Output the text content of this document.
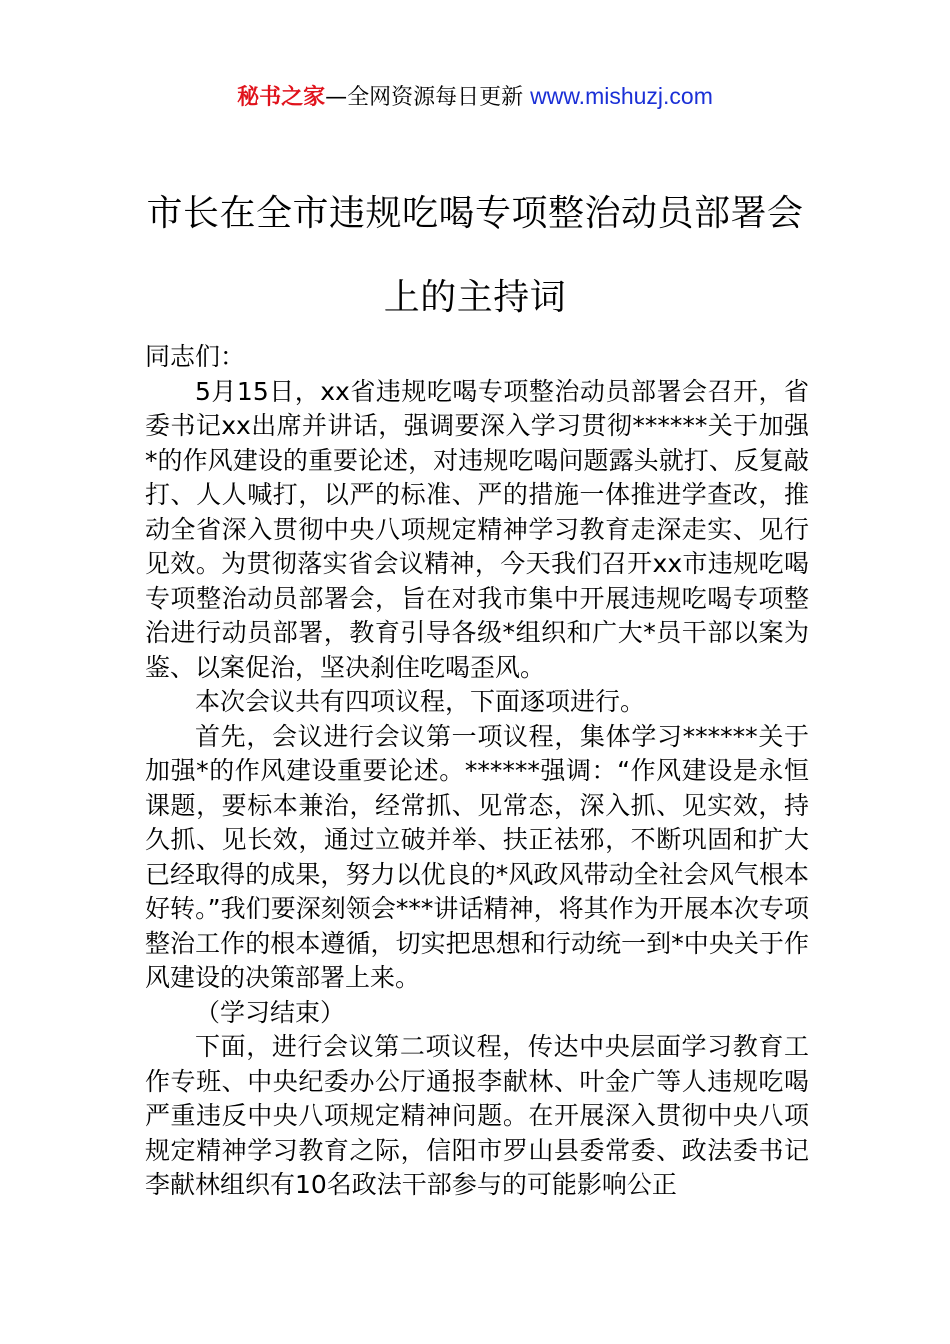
秘书之家—全网资源每日更新 www.mishuzj.com
市长在全市违规吃喝专项整治动员部署会
上的主持词

同志们：

5月15日，xx省违规吃喝专项整治动员部署会召开，省委书记xx出席并讲话，强调要深入学习贯彻******关于加强*的作风建设的重要论述，对违规吃喝问题露头就打、反复敲打、人人喊打，以严的标准、严的措施一体推进学查改，推动全省深入贯彻中央八项规定精神学习教育走深走实、见行见效。为贯彻落实省会议精神，今天我们召开xx市违规吃喝专项整治动员部署会，旨在对我市集中开展违规吃喝专项整治进行动员部署，教育引导各级*组织和广大*员干部以案为鉴、以案促治，坚决刹住吃喝歪风。

本次会议共有四项议程，下面逐项进行。

首先，会议进行会议第一项议程，集体学习******关于加强*的作风建设重要论述。******强调：“作风建设是永恒课题，要标本兼治，经常抓、见常态，深入抓、见实效，持久抓、见长效，通过立破并举、扶正祛邪，不断巩固和扩大已经取得的成果，努力以优良的*风政风带动全社会风气根本好转。”我们要深刻领会***讲话精神，将其作为开展本次专项整治工作的根本遵循，切实把思想和行动统一到*中央关于作风建设的决策部署上来。

（学习结束）

下面，进行会议第二项议程，传达中央层面学习教育工作专班、中央纪委办公厅通报李献林、叶金广等人违规吃喝严重违反中央八项规定精神问题。在开展深入贯彻中央八项规定精神学习教育之际，信阳市罗山县委常委、政法委书记李献林组织有10名政法干部参与的可能影响公正
